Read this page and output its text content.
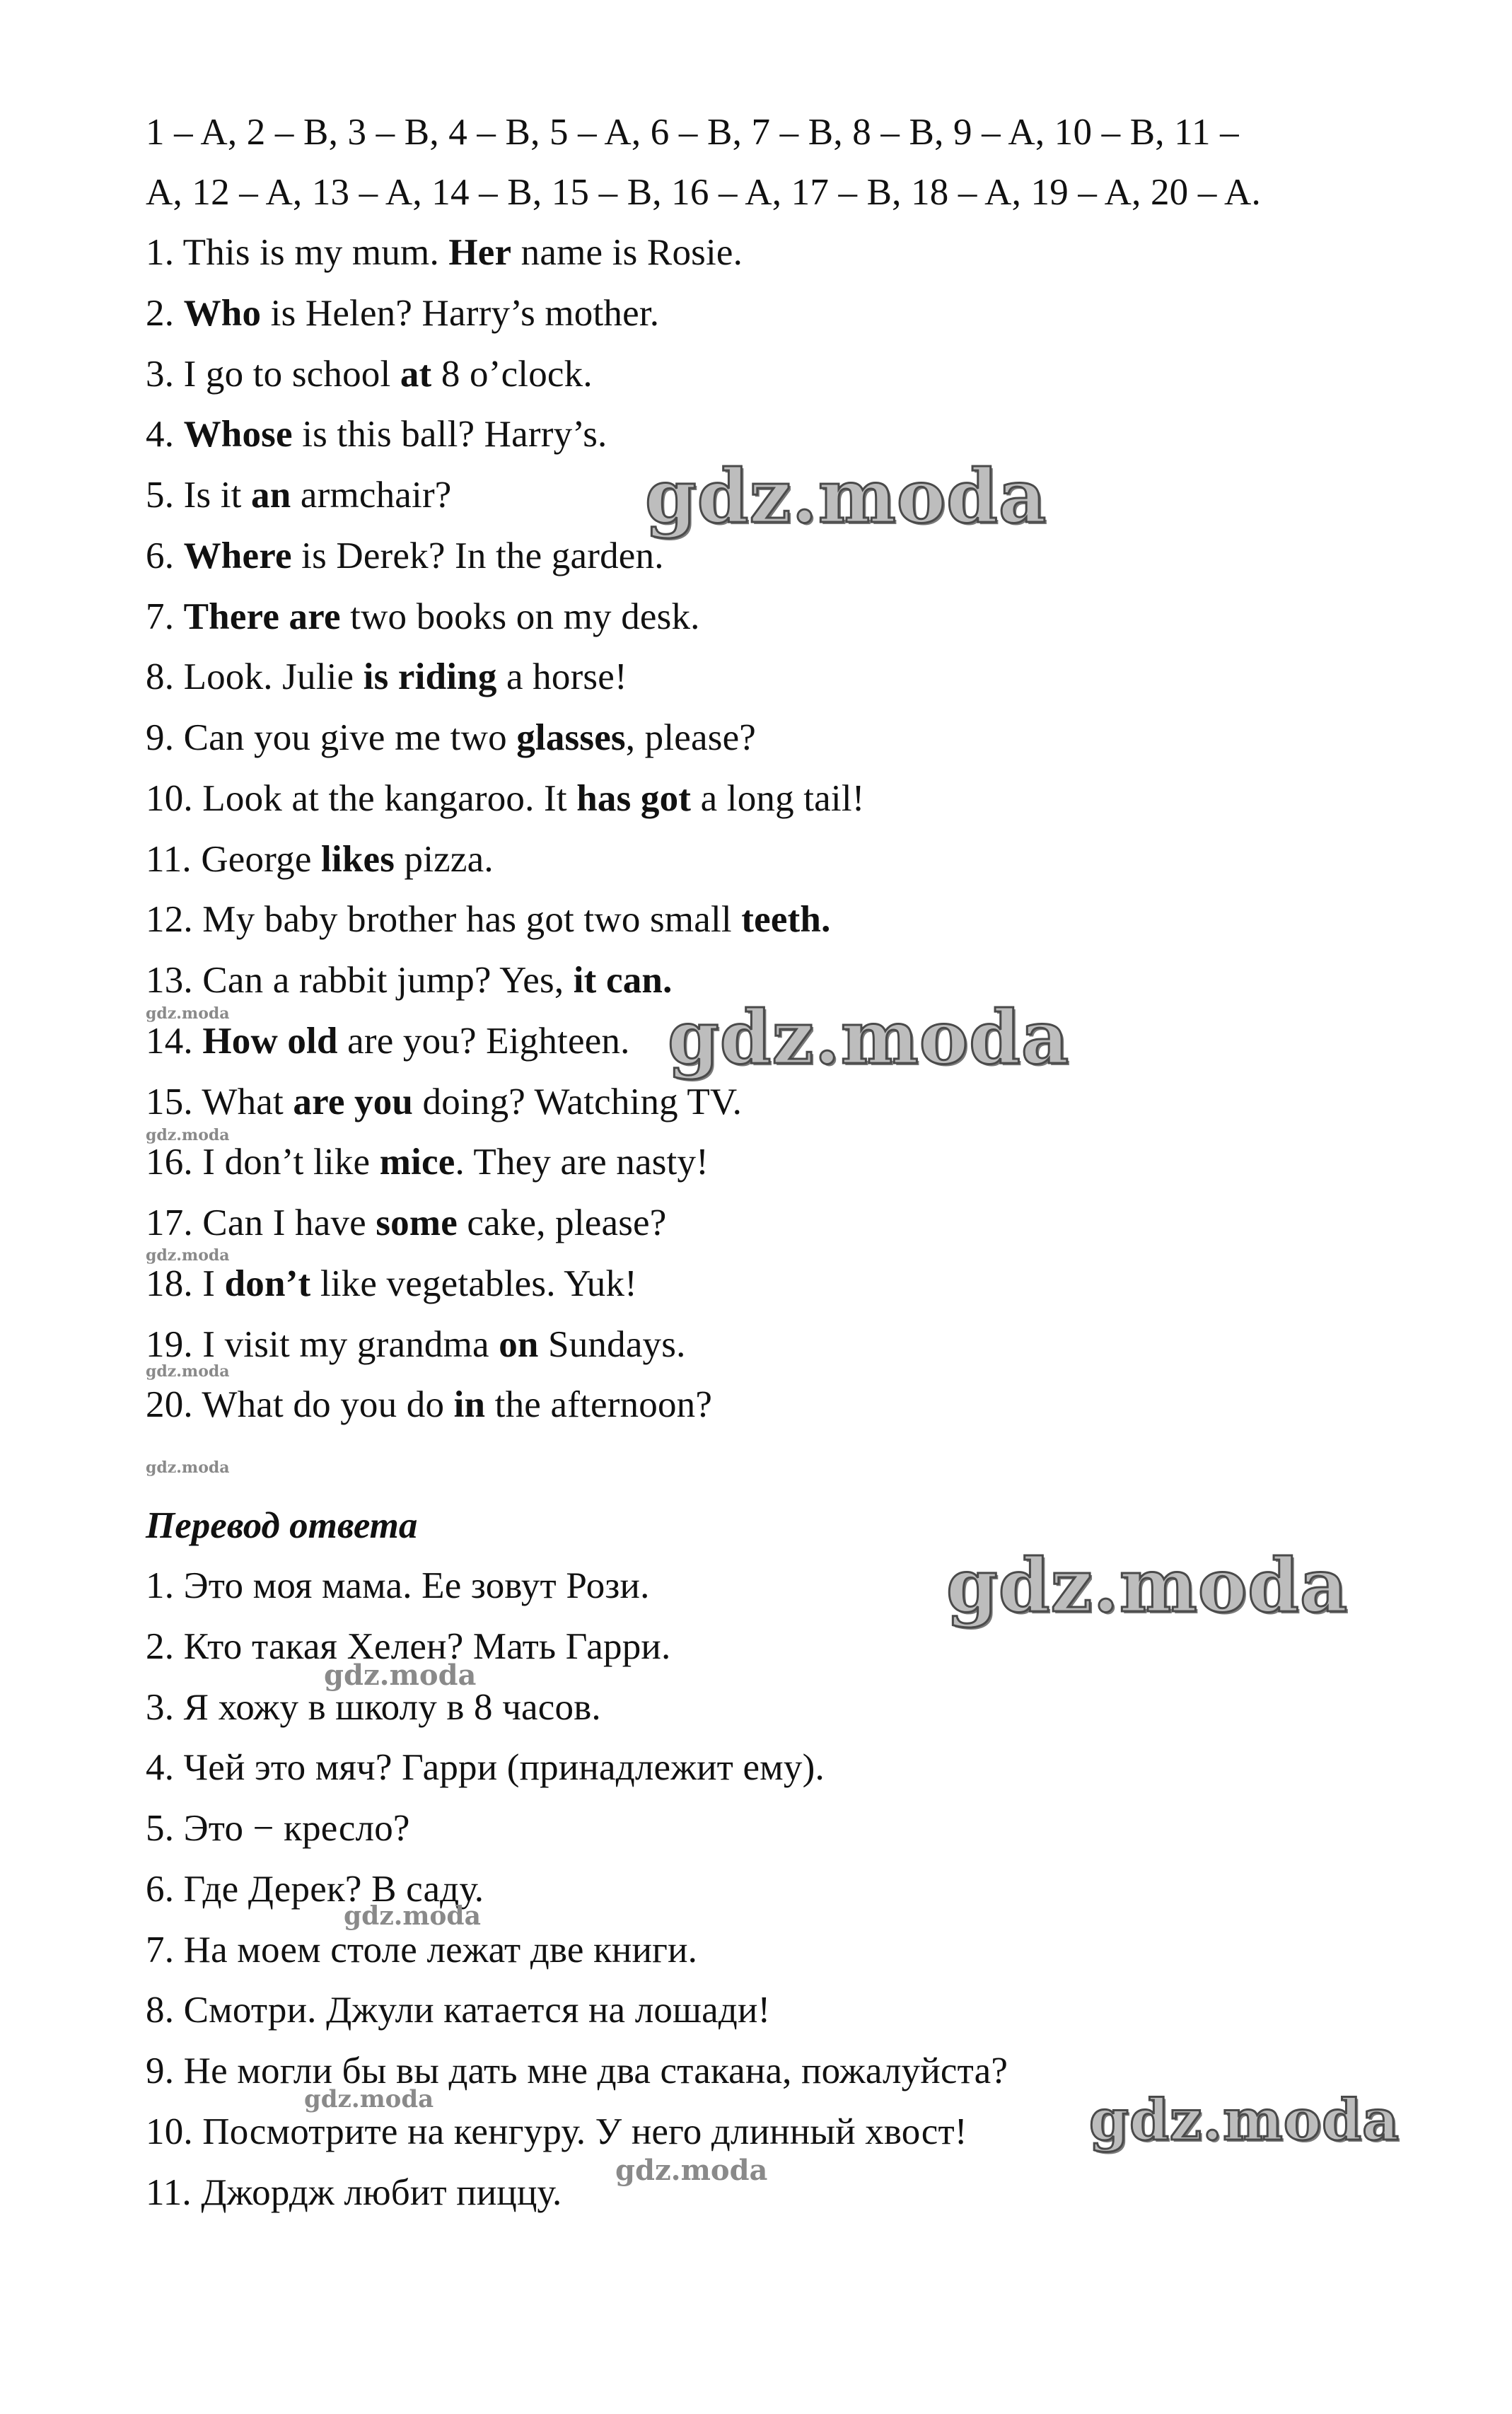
1 – A, 2 – B, 3 – B, 4 – B, 5 – A, 6 – B, 7 – B, 8 – B, 9 – A, 10 – B, 11 –
A, 12 – A, 13 – A, 14 – B, 15 – B, 16 – A, 17 – B, 18 – A, 19 – A, 20 – A.
1. This is my mum. Her name is Rosie.
2. Who is Helen? Harry’s mother.
3. I go to school at 8 o’clock.
4. Whose is this ball? Harry’s.
5. Is it an armchair?
6. Where is Derek? In the garden.
7. There are two books on my desk.
8. Look. Julie is riding a horse!
9. Can you give me two glasses, please?
10. Look at the kangaroo. It has got a long tail!
11. George likes pizza.
12. My baby brother has got two small teeth.
13. Can a rabbit jump? Yes, it can.
14. How old are you? Eighteen.
15. What are you doing? Watching TV.
16. I don’t like mice. They are nasty!
17. Can I have some cake, please?
18. I don’t like vegetables. Yuk!
19. I visit my grandma on Sundays.
20. What do you do in the afternoon?
Перевод ответа
1. Это моя мама. Ее зовут Рози.
2. Кто такая Хелен? Мать Гарри.
3. Я хожу в школу в 8 часов.
4. Чей это мяч? Гарри (принадлежит ему).
5. Это − кресло?
6. Где Дерек? В саду.
7. На моем столе лежат две книги.
8. Смотри. Джули катается на лошади!
9. Не могли бы вы дать мне два стакана, пожалуйста?
10. Посмотрите на кенгуру. У него длинный хвост!
11. Джордж любит пиццу.
gdz.moda
gdz.moda
gdz.moda
gdz.moda
gdz.moda
gdz.moda
gdz.moda
gdz.moda
gdz.moda
gdz.moda
gdz.moda
gdz.moda
gdz.moda
